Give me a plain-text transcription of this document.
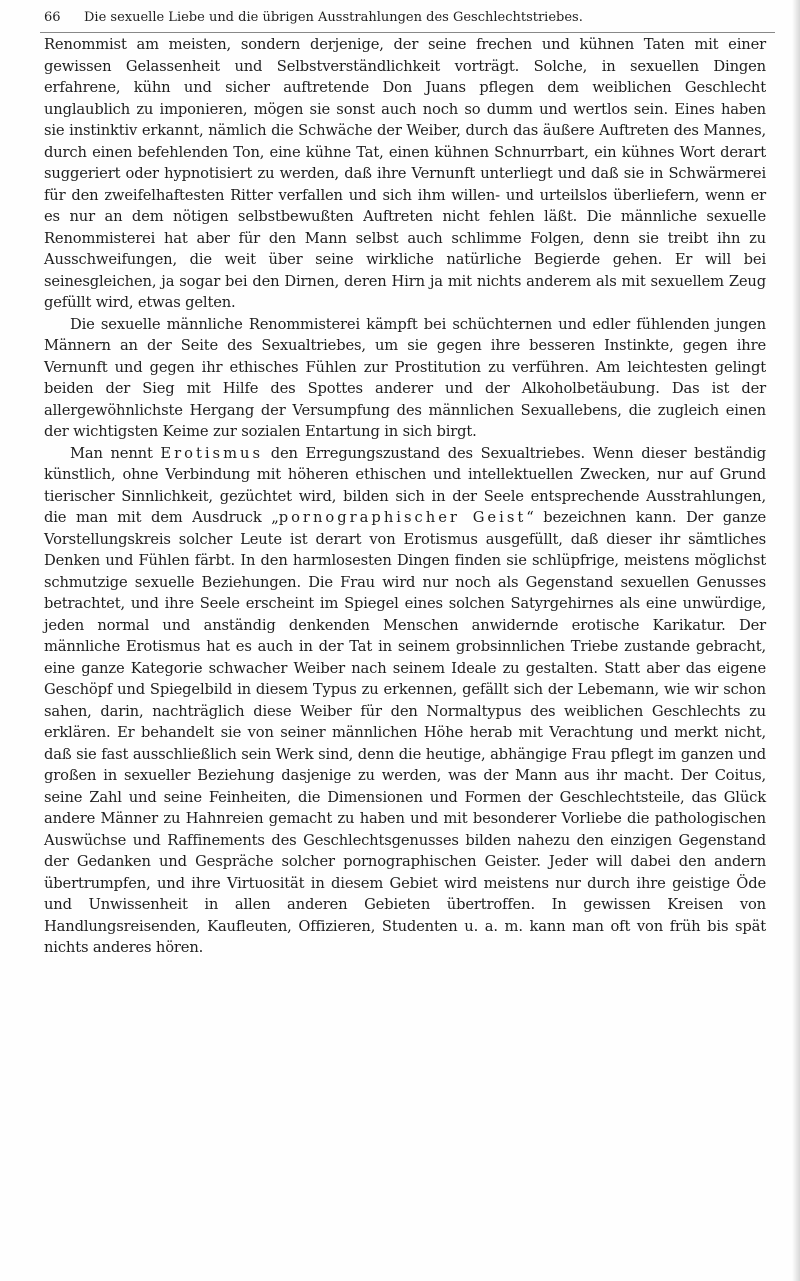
66 Die sexuelle Liebe und die übrigen Ausstrahlungen des Geschlechtstriebes.

Renommist am meisten, sondern derjenige, der seine frechen und kühnen Taten mit einer gewissen Gelassenheit und Selbstverständlichkeit vorträgt. Solche, in sexuellen Dingen erfahrene, kühn und sicher auftretende Don Juans pflegen dem weiblichen Geschlecht unglaublich zu imponieren, mögen sie sonst auch noch so dumm und wertlos sein. Eines haben sie instinktiv erkannt, nämlich die Schwäche der Weiber, durch das äußere Auftreten des Mannes, durch einen befehlenden Ton, eine kühne Tat, einen kühnen Schnurrbart, ein kühnes Wort derart suggeriert oder hypnotisiert zu werden, daß ihre Vernunft unterliegt und daß sie in Schwärmerei für den zweifelhaftesten Ritter verfallen und sich ihm willen- und urteilslos überliefern, wenn er es nur an dem nötigen selbstbewußten Auftreten nicht fehlen läßt. Die männliche sexuelle Renommisterei hat aber für den Mann selbst auch schlimme Folgen, denn sie treibt ihn zu Ausschweifungen, die weit über seine wirkliche natürliche Begierde gehen. Er will bei seinesgleichen, ja sogar bei den Dirnen, deren Hirn ja mit nichts anderem als mit sexuellem Zeug gefüllt wird, etwas gelten.

Die sexuelle männliche Renommisterei kämpft bei schüchternen und edler fühlenden jungen Männern an der Seite des Sexualtriebes, um sie gegen ihre besseren Instinkte, gegen ihre Vernunft und gegen ihr ethisches Fühlen zur Prostitution zu verführen. Am leichtesten gelingt beiden der Sieg mit Hilfe des Spottes anderer und der Alkoholbetäubung. Das ist der allergewöhnlichste Hergang der Versumpfung des männlichen Sexuallebens, die zugleich einen der wichtigsten Keime zur sozialen Entartung in sich birgt.

Man nennt Erotismus den Erregungszustand des Sexualtriebes. Wenn dieser beständig künstlich, ohne Verbindung mit höheren ethischen und intellektuellen Zwecken, nur auf Grund tierischer Sinnlichkeit, gezüchtet wird, bilden sich in der Seele entsprechende Ausstrahlungen, die man mit dem Ausdruck „pornographischer Geist“ bezeichnen kann. Der ganze Vorstellungskreis solcher Leute ist derart von Erotismus ausgefüllt, daß dieser ihr sämtliches Denken und Fühlen färbt. In den harmlosesten Dingen finden sie schlüpfrige, meistens möglichst schmutzige sexuelle Beziehungen. Die Frau wird nur noch als Gegenstand sexuellen Genusses betrachtet, und ihre Seele erscheint im Spiegel eines solchen Satyrgehirnes als eine unwürdige, jeden normal und anständig denkenden Menschen anwidernde erotische Karikatur. Der männliche Erotismus hat es auch in der Tat in seinem grobsinnlichen Triebe zustande gebracht, eine ganze Kategorie schwacher Weiber nach seinem Ideale zu gestalten. Statt aber das eigene Geschöpf und Spiegelbild in diesem Typus zu erkennen, gefällt sich der Lebemann, wie wir schon sahen, darin, nachträglich diese Weiber für den Normaltypus des weiblichen Geschlechts zu erklären. Er behandelt sie von seiner männlichen Höhe herab mit Verachtung und merkt nicht, daß sie fast ausschließlich sein Werk sind, denn die heutige, abhängige Frau pflegt im ganzen und großen in sexueller Beziehung dasjenige zu werden, was der Mann aus ihr macht. Der Coitus, seine Zahl und seine Feinheiten, die Dimensionen und Formen der Geschlechtsteile, das Glück andere Männer zu Hahnreien gemacht zu haben und mit besonderer Vorliebe die pathologischen Auswüchse und Raffinements des Geschlechtsgenusses bilden nahezu den einzigen Gegenstand der Gedanken und Gespräche solcher pornographischen Geister. Jeder will dabei den andern übertrumpfen, und ihre Virtuosität in diesem Gebiet wird meistens nur durch ihre geistige Öde und Unwissenheit in allen anderen Gebieten übertroffen. In gewissen Kreisen von Handlungsreisenden, Kaufleuten, Offizieren, Studenten u. a. m. kann man oft von früh bis spät nichts anderes hören.
